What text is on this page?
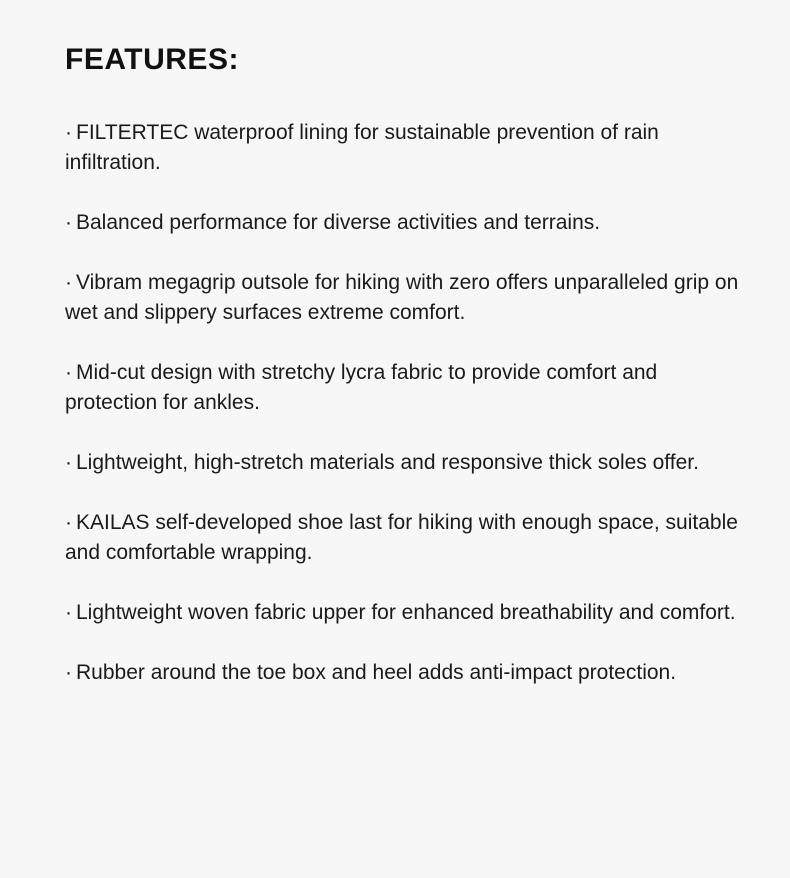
FEATURES:
· FILTERTEC waterproof lining for sustainable prevention of rain infiltration.
· Balanced performance for diverse activities and terrains.
· Vibram megagrip outsole for hiking with zero offers unparalleled grip on wet and slippery surfaces extreme comfort.
· Mid-cut design with stretchy lycra fabric to provide comfort and protection for ankles.
· Lightweight, high-stretch materials and responsive thick soles offer.
· KAILAS self-developed shoe last for hiking with enough space, suitable and comfortable wrapping.
· Lightweight woven fabric upper for enhanced breathability and comfort.
· Rubber around the toe box and heel adds anti-impact protection.
